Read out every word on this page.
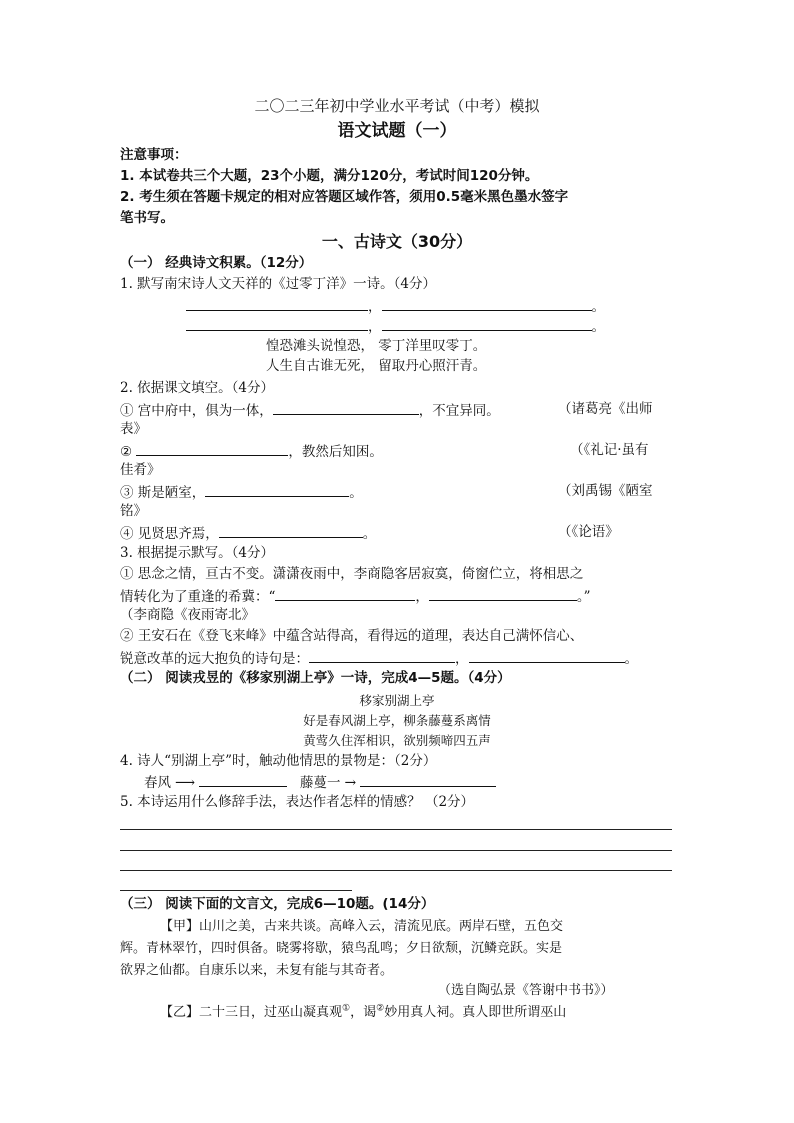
二〇二三年初中学业水平考试（中考）模拟
语文试题（一）
注意事项：
1. 本试卷共三个大题，23个小题，满分120分，考试时间120分钟。
2. 考生须在答题卡规定的相对应答题区域作答，须用0.5毫米黑色墨水签字
笔书写。
一、古诗文（30分）
（一） 经典诗文积累。（12分）
1. 默写南宋诗人文天祥的《过零丁洋》一诗。（4分）
，	。
，	。
惶恐滩头说惶恐， 零丁洋里叹零丁。
人生自古谁无死， 留取丹心照汗青。
2. 依据课文填空。（4分）
① 宫中府中，俱为一体，	，不宜异同。	（诸葛亮《出师
表》
②	，教然后知困。	（《礼记·虽有
佳肴》
③ 斯是陋室，	。	（刘禹锡《陋室
铭》
④ 见贤思齐焉，	。	（《论语》
3. 根据提示默写。（4分）
① 思念之情，亘古不变。潇潇夜雨中，李商隐客居寂寞，倚窗伫立，将相思之
情转化为了重逢的希冀：“	，	。”
（李商隐《夜雨寄北》
② 王安石在《登飞来峰》中蕴含站得高，看得远的道理，表达自己满怀信心、
锐意改革的远大抱负的诗句是：	，	。
（二） 阅读戎昱的《移家别湖上亭》一诗，完成4—5题。（4分）
移家别湖上亭
好是春风湖上亭，柳条藤蔓系离情
黄莺久住浑相识，欲别频啼四五声
4. 诗人“别湖上亭”时，触动他情思的景物是：（2分）
春风 ⟶	藤蔓一 →
5. 本诗运用什么修辞手法，表达作者怎样的情感？ （2分）
（三） 阅读下面的文言文，完成6—10题。(14分）
【甲】山川之美，古来共谈。高峰入云，清流见底。两岸石壁，五色交
辉。青林翠竹，四时俱备。晓雾将歇，猿鸟乱鸣；夕日欲颓，沉鳞竞跃。实是
欲界之仙都。自康乐以来，未复有能与其奇者。
（选自陶弘景《答谢中书书》）
【乙】二十三日，过巫山凝真观①，谒②妙用真人祠。真人即世所谓巫山
